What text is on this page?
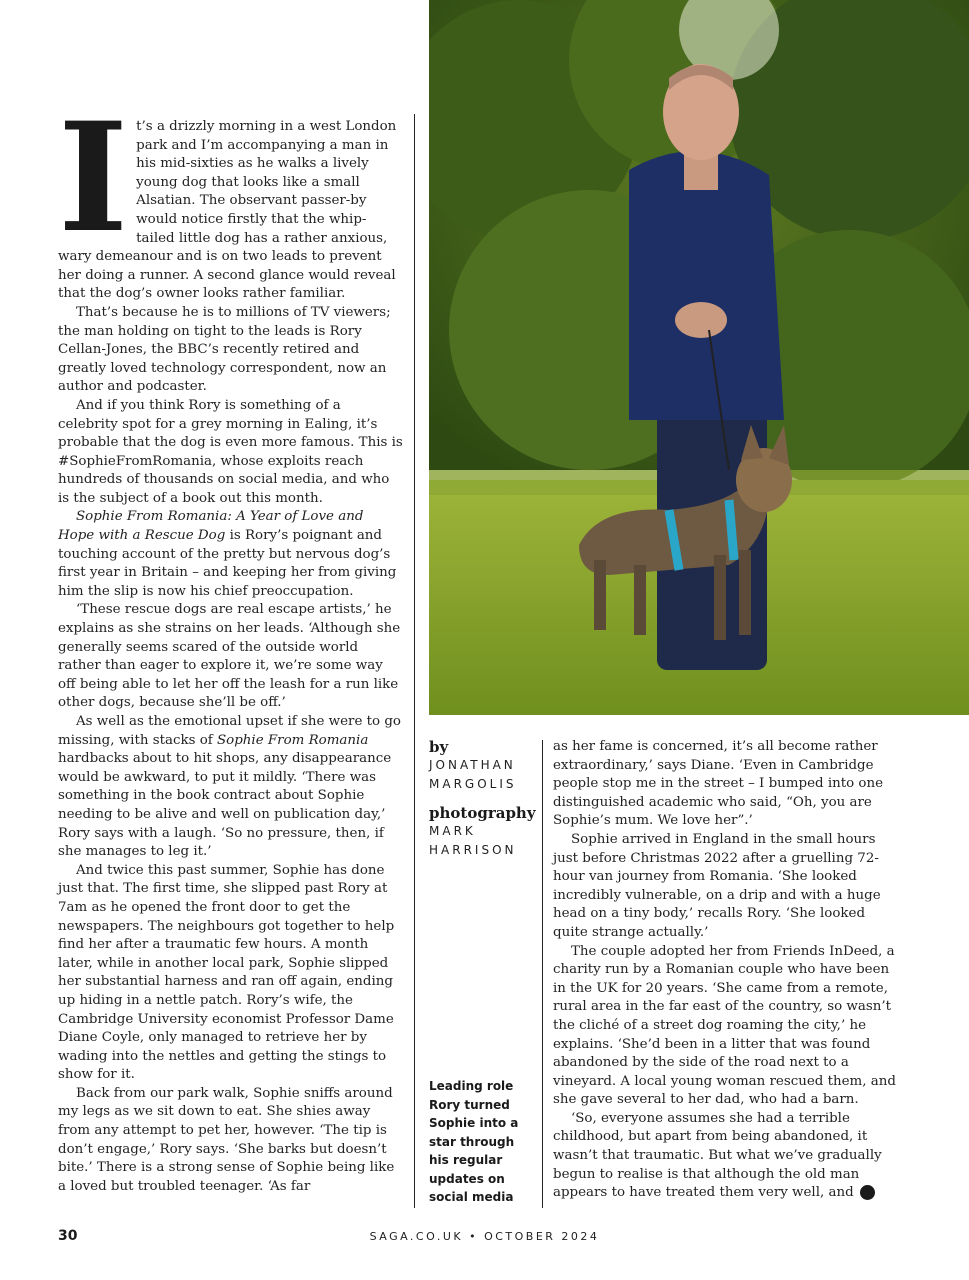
It’s a drizzly morning in a west London park and I’m accompanying a man in his mid-sixties as he walks a lively young dog that looks like a small Alsatian. The observant passer-by would notice firstly that the whip-tailed little dog has a rather anxious, wary demeanour and is on two leads to prevent her doing a runner. A second glance would reveal that the dog’s owner looks rather familiar.

That’s because he is to millions of TV viewers; the man holding on tight to the leads is Rory Cellan-Jones, the BBC’s recently retired and greatly loved technology correspondent, now an author and podcaster.

And if you think Rory is something of a celebrity spot for a grey morning in Ealing, it’s probable that the dog is even more famous. This is #SophieFromRomania, whose exploits reach hundreds of thousands on social media, and who is the subject of a book out this month.

Sophie From Romania: A Year of Love and Hope with a Rescue Dog is Rory’s poignant and touching account of the pretty but nervous dog’s first year in Britain – and keeping her from giving him the slip is now his chief preoccupation.

‘These rescue dogs are real escape artists,’ he explains as she strains on her leads. ‘Although she generally seems scared of the outside world rather than eager to explore it, we’re some way off being able to let her off the leash for a run like other dogs, because she’ll be off.’

As well as the emotional upset if she were to go missing, with stacks of Sophie From Romania hardbacks about to hit shops, any disappearance would be awkward, to put it mildly. ‘There was something in the book contract about Sophie needing to be alive and well on publication day,’ Rory says with a laugh. ‘So no pressure, then, if she manages to leg it.’

And twice this past summer, Sophie has done just that. The first time, she slipped past Rory at 7am as he opened the front door to get the newspapers. The neighbours got together to help find her after a traumatic few hours. A month later, while in another local park, Sophie slipped her substantial harness and ran off again, ending up hiding in a nettle patch. Rory’s wife, the Cambridge University economist Professor Dame Diane Coyle, only managed to retrieve her by wading into the nettles and getting the stings to show for it.

Back from our park walk, Sophie sniffs around my legs as we sit down to eat. She shies away from any attempt to pet her, however. ‘The tip is don’t engage,’ Rory says. ‘She barks but doesn’t bite.’ There is a strong sense of Sophie being like a loved but troubled teenager. ‘As far

by
JONATHAN
MARGOLIS
photography
MARK
HARRISON
Leading role
Rory turned Sophie into a star through his regular updates on social media

as her fame is concerned, it’s all become rather extraordinary,’ says Diane. ‘Even in Cambridge people stop me in the street – I bumped into one distinguished academic who said, “Oh, you are Sophie’s mum. We love her”.’

Sophie arrived in England in the small hours just before Christmas 2022 after a gruelling 72-hour van journey from Romania. ‘She looked incredibly vulnerable, on a drip and with a huge head on a tiny body,’ recalls Rory. ‘She looked quite strange actually.’

The couple adopted her from Friends InDeed, a charity run by a Romanian couple who have been in the UK for 20 years. ‘She came from a remote, rural area in the far east of the country, so wasn’t the cliché of a street dog roaming the city,’ he explains. ‘She’d been in a litter that was found abandoned by the side of the road next to a vineyard. A local young woman rescued them, and she gave several to her dad, who had a barn.

‘So, everyone assumes she had a terrible childhood, but apart from being abandoned, it wasn’t that traumatic. But what we’ve gradually begun to realise is that although the old man appears to have treated them very well, and ➔

30	SAGA.CO.UK • OCTOBER 2024
